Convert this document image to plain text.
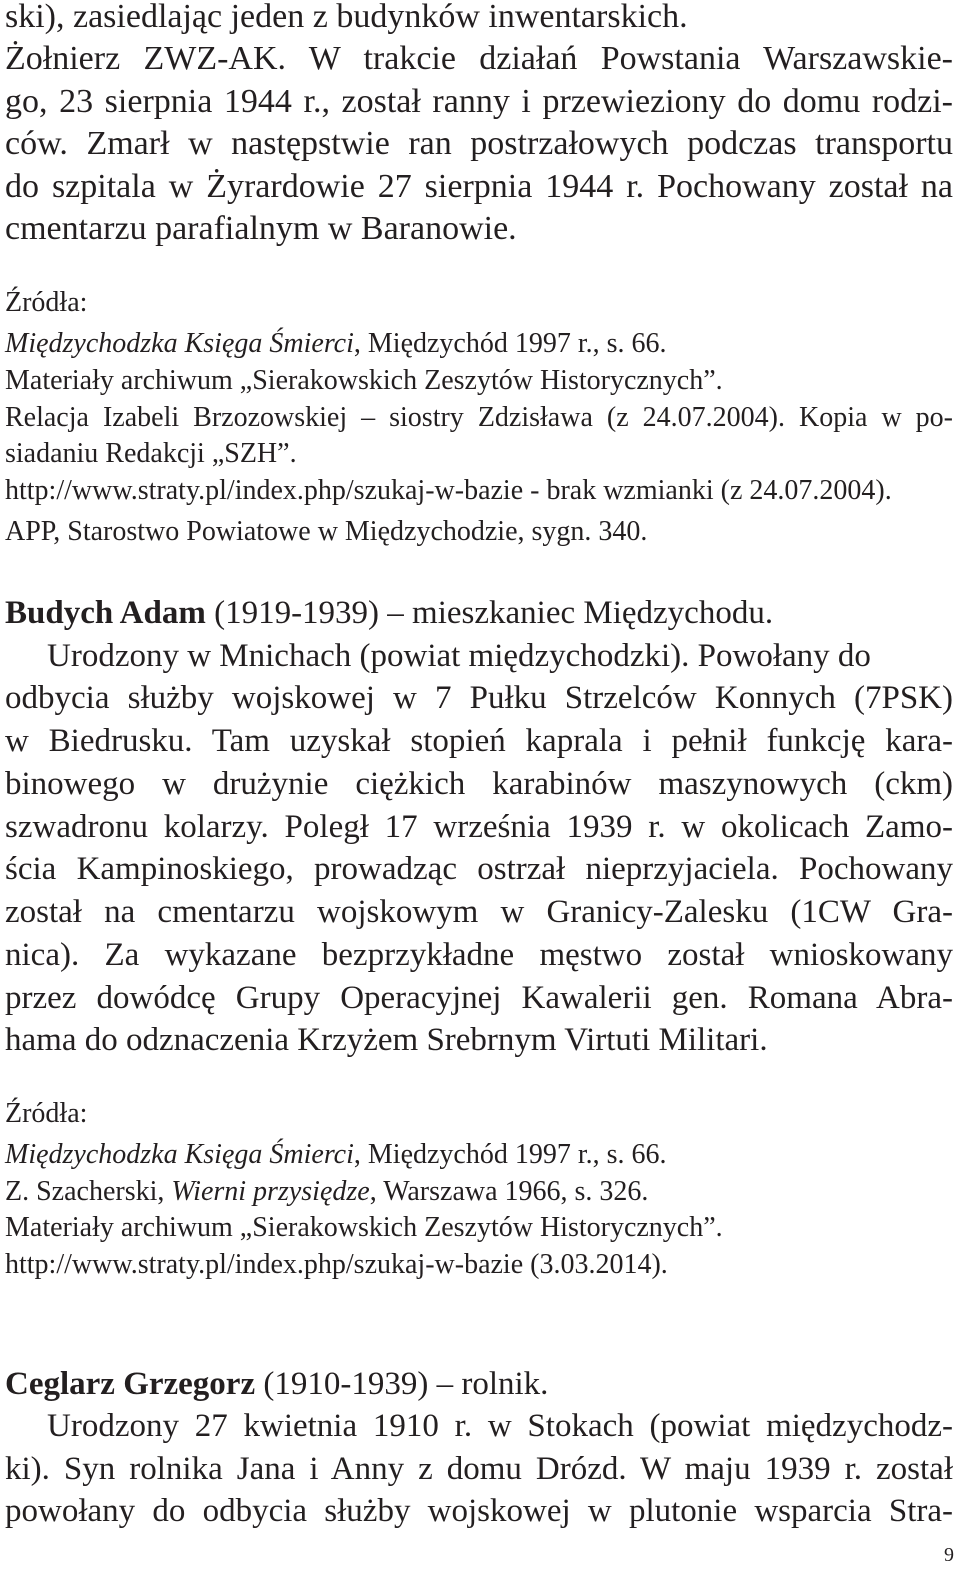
ski), zasiedlając jeden z budynków inwentarskich.
Żołnierz ZWZ-AK. W trakcie działań Powstania Warszawskie-
go, 23 sierpnia 1944 r., został ranny i przewieziony do domu rodzi-
ców. Zmarł w następstwie ran postrzałowych podczas transportu
do szpitala w Żyrardowie 27 sierpnia 1944 r. Pochowany został na
cmentarzu parafialnym w Baranowie.
Źródła:
Międzychodzka Księga Śmierci, Międzychód 1997 r., s. 66.
Materiały archiwum „Sierakowskich Zeszytów Historycznych”.
Relacja Izabeli Brzozowskiej – siostry Zdzisława (z 24.07.2004). Kopia w po-
siadaniu Redakcji „SZH”.
http://www.straty.pl/index.php/szukaj-w-bazie - brak wzmianki (z 24.07.2004).
APP, Starostwo Powiatowe w Międzychodzie, sygn. 340.
Budych Adam (1919-1939) – mieszkaniec Międzychodu.
Urodzony w Mnichach (powiat międzychodzki). Powołany do
odbycia służby wojskowej w 7 Pułku Strzelców Konnych (7PSK)
w Biedrusku. Tam uzyskał stopień kaprala i pełnił funkcję kara-
binowego w drużynie ciężkich karabinów maszynowych (ckm)
szwadronu kolarzy. Poległ 17 września 1939 r. w okolicach Zamo-
ścia Kampinoskiego, prowadząc ostrzał nieprzyjaciela. Pochowany
został na cmentarzu wojskowym w Granicy-Zalesku (1CW Gra-
nica). Za wykazane bezprzykładne męstwo został wnioskowany
przez dowódcę Grupy Operacyjnej Kawalerii gen. Romana Abra-
hama do odznaczenia Krzyżem Srebrnym Virtuti Militari.
Źródła:
Międzychodzka Księga Śmierci, Międzychód 1997 r., s. 66.
Z. Szacherski, Wierni przysiędze, Warszawa 1966, s. 326.
Materiały archiwum „Sierakowskich Zeszytów Historycznych”.
http://www.straty.pl/index.php/szukaj-w-bazie (3.03.2014).
Ceglarz Grzegorz (1910-1939) – rolnik.
Urodzony 27 kwietnia 1910 r. w Stokach (powiat międzychodz-
ki). Syn rolnika Jana i Anny z domu Drózd. W maju 1939 r. został
powołany do odbycia służby wojskowej w plutonie wsparcia Stra-
9
